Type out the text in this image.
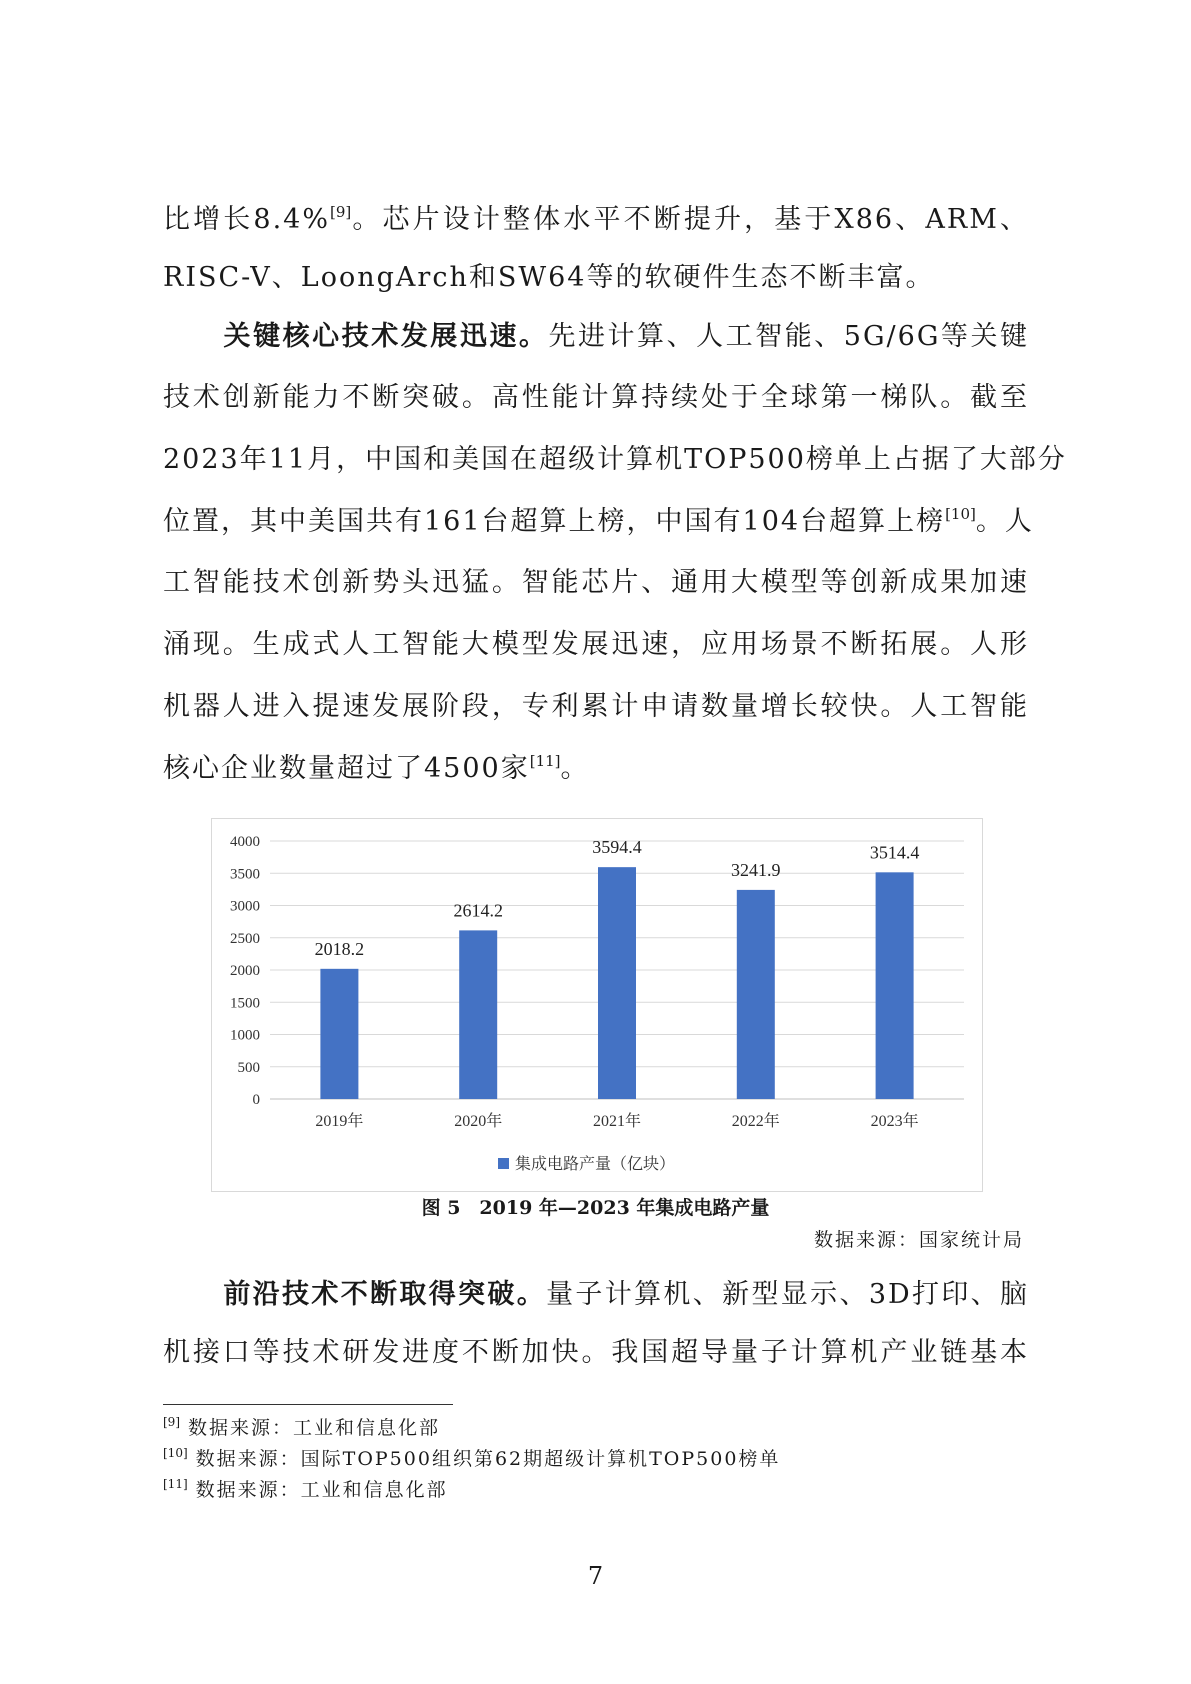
比增长8.4%[9]。芯片设计整体水平不断提升，基于X86、ARM、
RISC-V、LoongArch和SW64等的软硬件生态不断丰富。
关键核心技术发展迅速。先进计算、人工智能、5G/6G等关键
技术创新能力不断突破。高性能计算持续处于全球第一梯队。截至
2023年11月，中国和美国在超级计算机TOP500榜单上占据了大部分
位置，其中美国共有161台超算上榜，中国有104台超算上榜[10]。人
工智能技术创新势头迅猛。智能芯片、通用大模型等创新成果加速
涌现。生成式人工智能大模型发展迅速，应用场景不断拓展。人形
机器人进入提速发展阶段，专利累计申请数量增长较快。人工智能
核心企业数量超过了4500家[11]。
0
500
1000
1500
2000
2500
3000
3500
4000
2018.2
2019年
2614.2
2020年
3594.4
2021年
3241.9
2022年
3514.4
2023年
集成电路产量（亿块）
图 5　2019 年—2023 年集成电路产量
数据来源：国家统计局
前沿技术不断取得突破。量子计算机、新型显示、3D打印、脑
机接口等技术研发进度不断加快。我国超导量子计算机产业链基本
[9] 数据来源：工业和信息化部
[10] 数据来源：国际TOP500组织第62期超级计算机TOP500榜单
[11] 数据来源：工业和信息化部
7
